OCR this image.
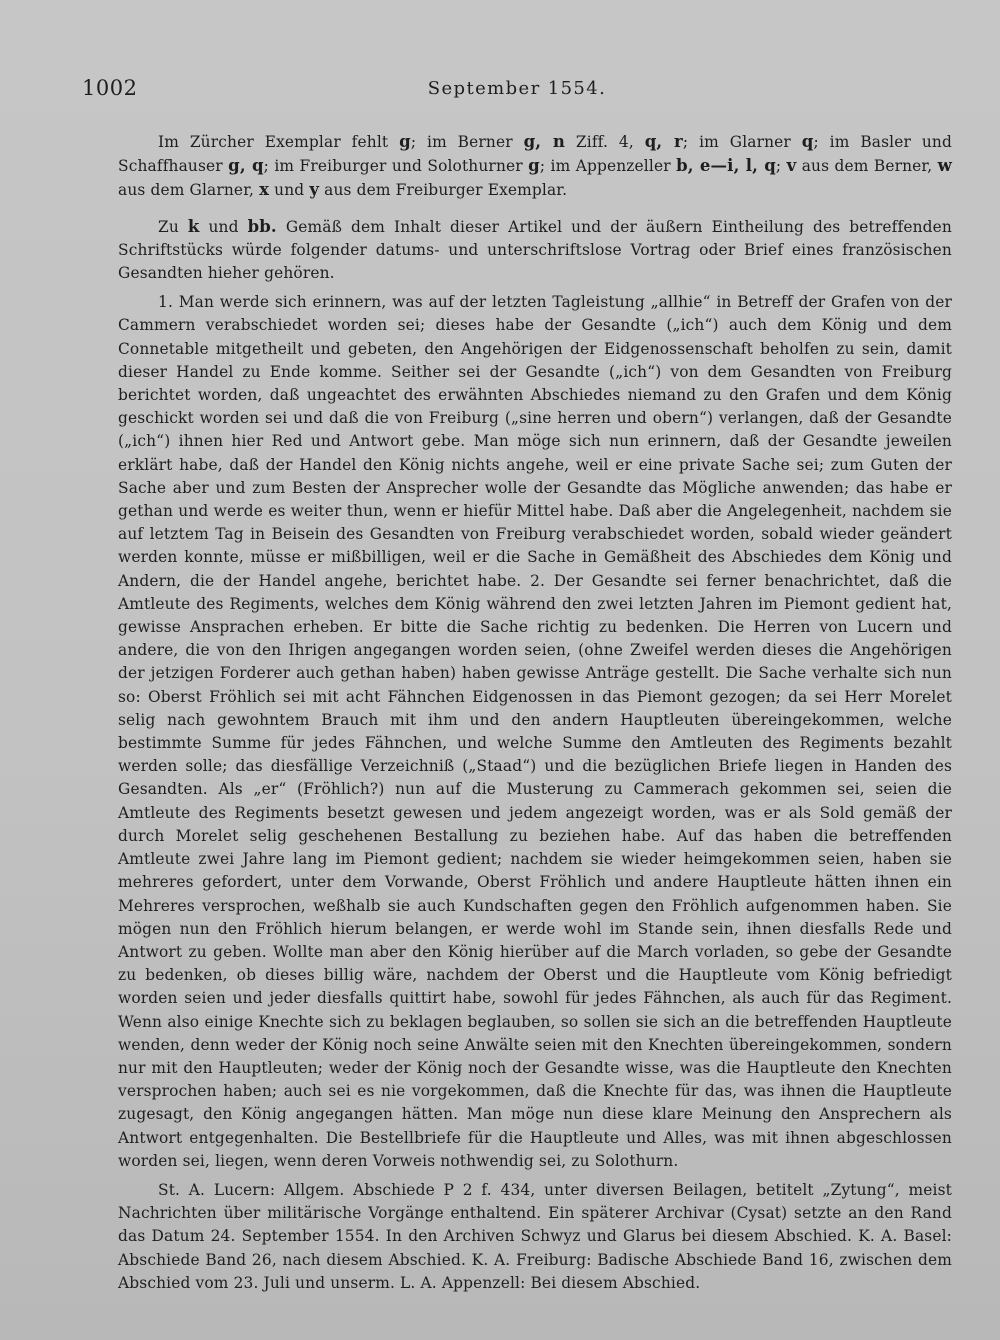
1002	September 1554.

Im Zürcher Exemplar fehlt g; im Berner g, n Ziff. 4, q, r; im Glarner q; im Basler und Schaffhauser g, q; im Freiburger und Solothurner g; im Appenzeller b, e—i, l, q; v aus dem Berner, w aus dem Glarner, x und y aus dem Freiburger Exemplar.

Zu k und bb. Gemäß dem Inhalt dieser Artikel und der äußern Eintheilung des betreffenden Schriftstücks würde folgender datums- und unterschriftslose Vortrag oder Brief eines französischen Gesandten hieher gehören.

1. Man werde sich erinnern, was auf der letzten Tagleistung „allhie“ in Betreff der Grafen von der Cammern verabschiedet worden sei; dieses habe der Gesandte („ich“) auch dem König und dem Connetable mitgetheilt und gebeten, den Angehörigen der Eidgenossenschaft beholfen zu sein, damit dieser Handel zu Ende komme. Seither sei der Gesandte („ich“) von dem Gesandten von Freiburg berichtet worden, daß ungeachtet des erwähnten Abschiedes niemand zu den Grafen und dem König geschickt worden sei und daß die von Freiburg („sine herren und obern“) verlangen, daß der Gesandte („ich“) ihnen hier Red und Antwort gebe. Man möge sich nun erinnern, daß der Gesandte jeweilen erklärt habe, daß der Handel den König nichts angehe, weil er eine private Sache sei; zum Guten der Sache aber und zum Besten der Ansprecher wolle der Gesandte das Mögliche anwenden; das habe er gethan und werde es weiter thun, wenn er hiefür Mittel habe. Daß aber die Angelegenheit, nachdem sie auf letztem Tag in Beisein des Gesandten von Freiburg verabschiedet worden, sobald wieder geändert werden konnte, müsse er mißbilligen, weil er die Sache in Gemäßheit des Abschiedes dem König und Andern, die der Handel angehe, berichtet habe. 2. Der Gesandte sei ferner benachrichtet, daß die Amtleute des Regiments, welches dem König während den zwei letzten Jahren im Piemont gedient hat, gewisse Ansprachen erheben. Er bitte die Sache richtig zu bedenken. Die Herren von Lucern und andere, die von den Ihrigen angegangen worden seien, (ohne Zweifel werden dieses die Angehörigen der jetzigen Forderer auch gethan haben) haben gewisse Anträge gestellt. Die Sache verhalte sich nun so: Oberst Fröhlich sei mit acht Fähnchen Eidgenossen in das Piemont gezogen; da sei Herr Morelet selig nach gewohntem Brauch mit ihm und den andern Hauptleuten übereingekommen, welche bestimmte Summe für jedes Fähnchen, und welche Summe den Amtleuten des Regiments bezahlt werden solle; das diesfällige Verzeichniß („Staad“) und die bezüglichen Briefe liegen in Handen des Gesandten. Als „er“ (Fröhlich?) nun auf die Musterung zu Cammerach gekommen sei, seien die Amtleute des Regiments besetzt gewesen und jedem angezeigt worden, was er als Sold gemäß der durch Morelet selig geschehenen Bestallung zu beziehen habe. Auf das haben die betreffenden Amtleute zwei Jahre lang im Piemont gedient; nachdem sie wieder heimgekommen seien, haben sie mehreres gefordert, unter dem Vorwande, Oberst Fröhlich und andere Hauptleute hätten ihnen ein Mehreres versprochen, weßhalb sie auch Kundschaften gegen den Fröhlich aufgenommen haben. Sie mögen nun den Fröhlich hierum belangen, er werde wohl im Stande sein, ihnen diesfalls Rede und Antwort zu geben. Wollte man aber den König hierüber auf die March vorladen, so gebe der Gesandte zu bedenken, ob dieses billig wäre, nachdem der Oberst und die Hauptleute vom König befriedigt worden seien und jeder diesfalls quittirt habe, sowohl für jedes Fähnchen, als auch für das Regiment. Wenn also einige Knechte sich zu beklagen beglauben, so sollen sie sich an die betreffenden Hauptleute wenden, denn weder der König noch seine Anwälte seien mit den Knechten übereingekommen, sondern nur mit den Hauptleuten; weder der König noch der Gesandte wisse, was die Hauptleute den Knechten versprochen haben; auch sei es nie vorgekommen, daß die Knechte für das, was ihnen die Hauptleute zugesagt, den König angegangen hätten. Man möge nun diese klare Meinung den Ansprechern als Antwort entgegenhalten. Die Bestellbriefe für die Hauptleute und Alles, was mit ihnen abgeschlossen worden sei, liegen, wenn deren Vorweis nothwendig sei, zu Solothurn.

St. A. Lucern: Allgem. Abschiede P 2 f. 434, unter diversen Beilagen, betitelt „Zytung“, meist Nachrichten über militärische Vorgänge enthaltend. Ein späterer Archivar (Cysat) setzte an den Rand das Datum 24. September 1554. In den Archiven Schwyz und Glarus bei diesem Abschied. K. A. Basel: Abschiede Band 26, nach diesem Abschied. K. A. Freiburg: Badische Abschiede Band 16, zwischen dem Abschied vom 23. Juli und unserm. L. A. Appenzell: Bei diesem Abschied.
